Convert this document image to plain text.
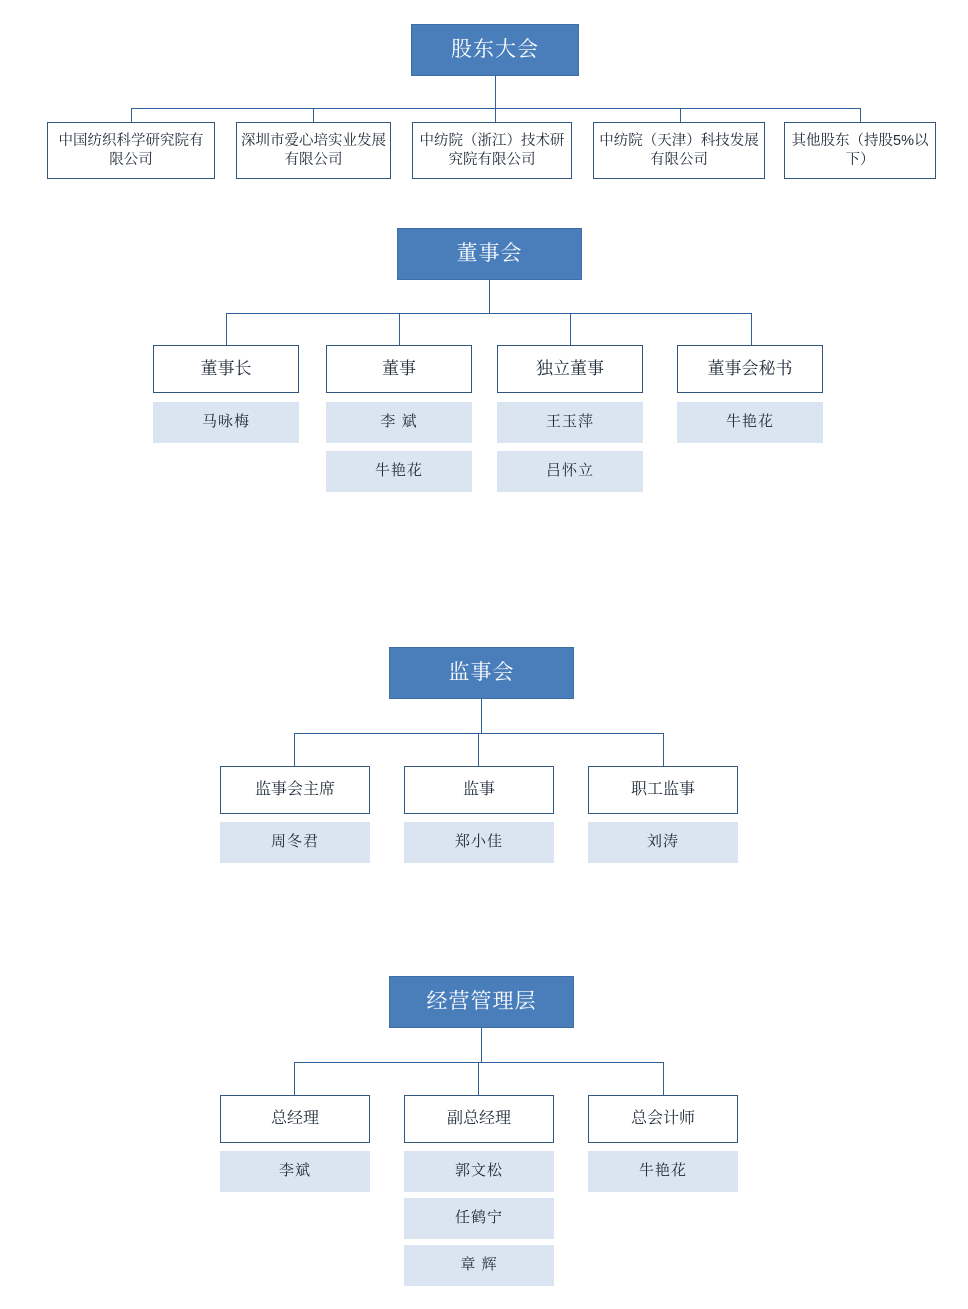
股东大会
中国纺织科学研究院有限公司
深圳市爱心培实业发展有限公司
中纺院（浙江）技术研究院有限公司
中纺院（天津）科技发展有限公司
其他股东（持股5%以下）
董事会
董事长
马咏梅
董事
李 斌
牛艳花
独立董事
王玉萍
吕怀立
董事会秘书
牛艳花
监事会
监事会主席
周冬君
监事
郑小佳
职工监事
刘涛
经营管理层
总经理
李斌
副总经理
郭文松
任鹤宁
章 辉
总会计师
牛艳花
